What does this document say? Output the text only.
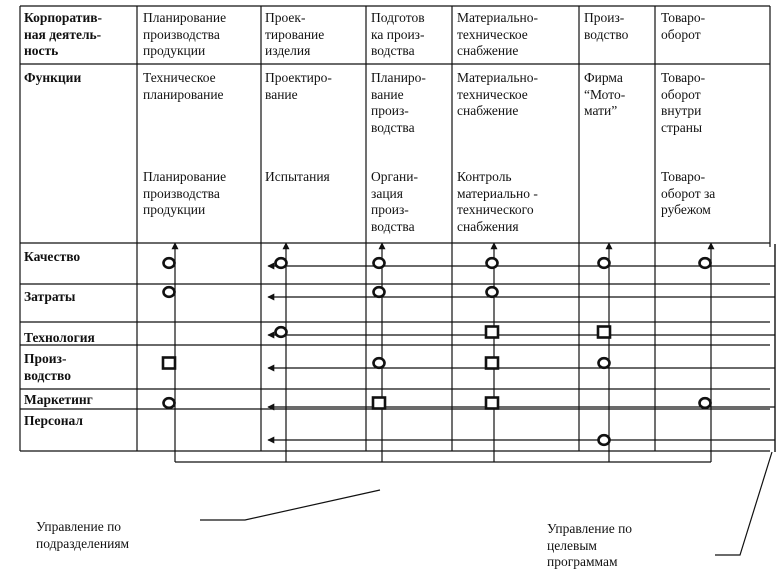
Корпоратив-
ная деятель-
ность
Планирование
производства
продукции
Проек-
тирование
изделия
Подготов
ка произ-
водства
Материально-
техническое
снабжение
Произ-
водство
Товаро-
оборот
Функции	Техническое
планирование
Проектиро-
вание
Планиро-
вание
произ-
водства
Материально-
техническое
снабжение
Фирма
“Мото-
мати”
Товаро-
оборот
внутри
страны
Планирование
производства
продукции
Испытания	Органи-
зация
произ-
водства
Контроль
материально -
технического
снабжения
Товаро-
оборот за
рубежом
Качество
Затраты
Технология
Произ-
водство
Маркетинг
Персонал
Управление по
подразделениям
Управление по
целевым
программам
